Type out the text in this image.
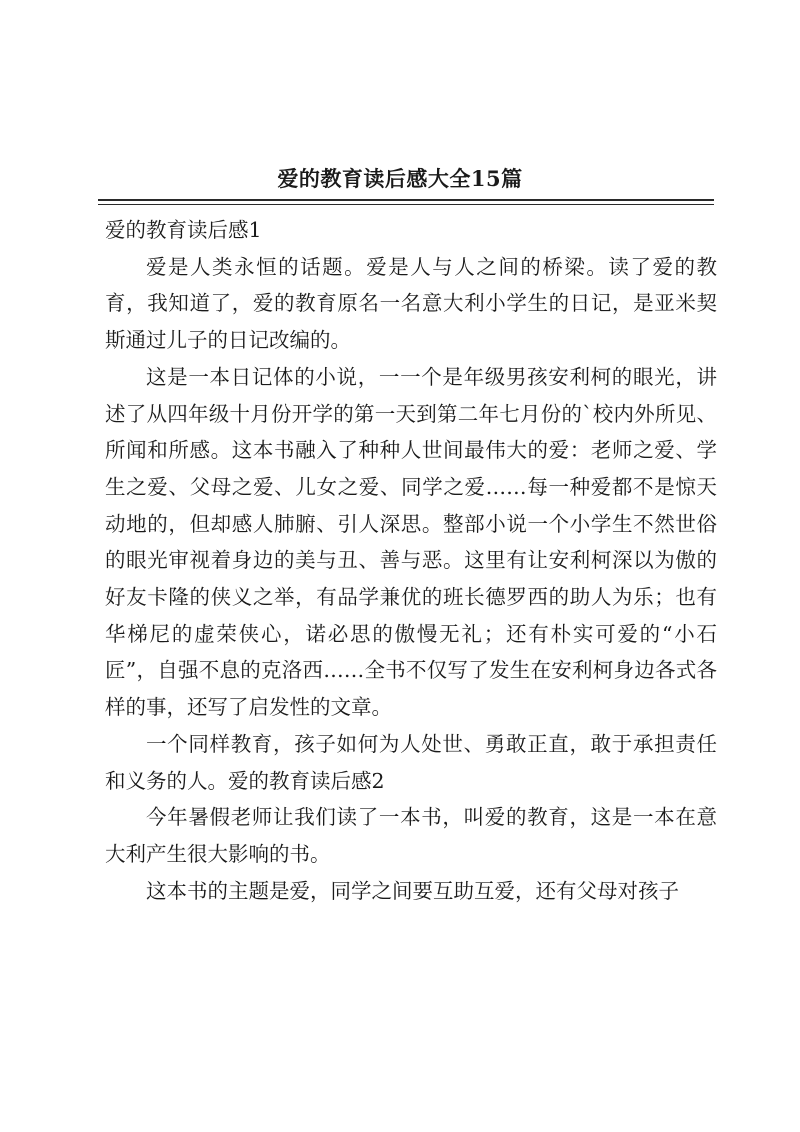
爱的教育读后感大全15篇

爱的教育读后感1

爱是人类永恒的话题。爱是人与人之间的桥梁。读了爱的教育，我知道了，爱的教育原名一名意大利小学生的日记，是亚米契斯通过儿子的日记改编的。

这是一本日记体的小说，一一个是年级男孩安利柯的眼光，讲述了从四年级十月份开学的第一天到第二年七月份的`校内外所见、所闻和所感。这本书融入了种种人世间最伟大的爱：老师之爱、学生之爱、父母之爱、儿女之爱、同学之爱……每一种爱都不是惊天动地的，但却感人肺腑、引人深思。整部小说一个小学生不然世俗的眼光审视着身边的美与丑、善与恶。这里有让安利柯深以为傲的好友卡隆的侠义之举，有品学兼优的班长德罗西的助人为乐；也有华梯尼的虚荣侠心，诺必思的傲慢无礼；还有朴实可爱的“小石匠”，自强不息的克洛西……全书不仅写了发生在安利柯身边各式各样的事，还写了启发性的文章。

一个同样教育，孩子如何为人处世、勇敢正直，敢于承担责任和义务的人。爱的教育读后感2

今年暑假老师让我们读了一本书，叫爱的教育，这是一本在意大利产生很大影响的书。

这本书的主题是爱，同学之间要互助互爱，还有父母对孩子
